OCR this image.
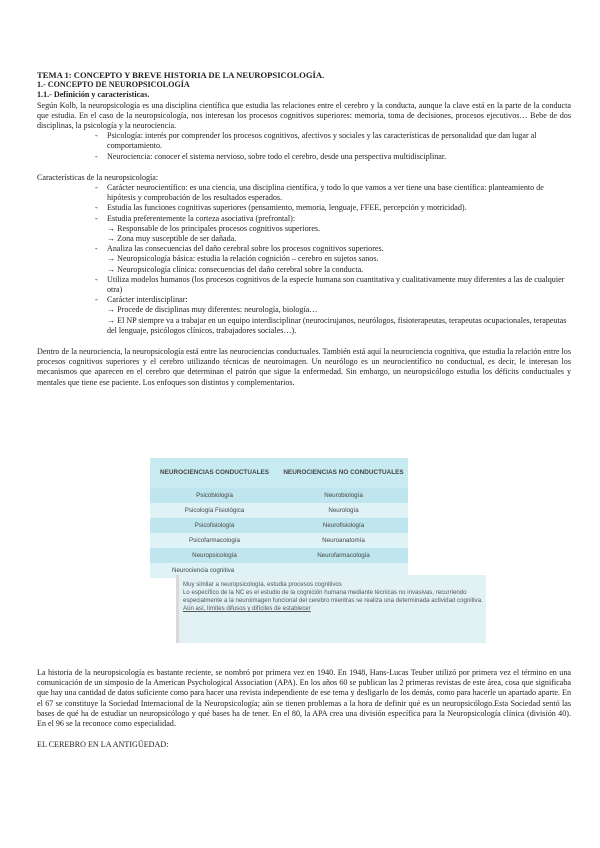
TEMA 1: CONCEPTO Y BREVE HISTORIA DE LA NEUROPSICOLOGÍA.
1.- CONCEPTO DE NEUROPSICOLOGÍA
1.1.- Definición y características.

Según Kolb, la neuropsicología es una disciplina científica que estudia las relaciones entre el cerebro y la conducta, aunque la clave está en la parte de la conducta que estudia. En el caso de la neuropsicología, nos interesan los procesos cognitivos superiores: memoria, toma de decisiones, procesos ejecutivos… Bebe de dos disciplinas, la psicología y la neurociencia.

- Psicología: interés por comprender los procesos cognitivos, afectivos y sociales y las características de personalidad que dan lugar al comportamiento.
- Neurociencia: conocer el sistema nervioso, sobre todo el cerebro, desde una perspectiva multidisciplinar.

Características de la neuropsicología:

- Carácter neurocientífico: es una ciencia, una disciplina científica, y todo lo que vamos a ver tiene una base científica: planteamiento de hipótesis y comprobación de los resultados esperados.
- Estudia las funciones cognitivas superiores (pensamiento, memoria, lenguaje, FFEE, percepción y motricidad).
- Estudia preferentemente la corteza asociativa (prefrontal):
→ Responsable de los principales procesos cognitivos superiores.
→ Zona muy susceptible de ser dañada.
- Analiza las consecuencias del daño cerebral sobre los procesos cognitivos superiores.
→ Neuropsicología básica: estudia la relación cognición – cerebro en sujetos sanos.
→ Neuropsicología clínica: consecuencias del daño cerebral sobre la conducta.
- Utiliza modelos humanos (los procesos cognitivos de la especie humana son cuantitativa y cualitativamente muy diferentes a las de cualquier otra)
- Carácter interdisciplinar:
→ Procede de disciplinas muy diferentes: neurología, biología…
→ El NP siempre va a trabajar en un equipo interdisciplinar (neurocirujanos, neurólogos, fisioterapeutas, terapeutas ocupacionales, terapeutas del lenguaje, psicólogos clínicos, trabajadores sociales…).

Dentro de la neurociencia, la neuropsicología está entre las neurociencias conductuales. También está aquí la neurociencia cognitiva, que estudia la relación entre los procesos cognitivos superiores y el cerebro utilizando técnicas de neuroimagen. Un neurólogo es un neurocientífico no conductual, es decir, le interesan los mecanismos que aparecen en el cerebro que determinan el patrón que sigue la enfermedad. Sin embargo, un neuropsicólogo estudia los déficits conductuales y mentales que tiene ese paciente. Los enfoques son distintos y complementarios.

NEUROCIENCIAS CONDUCTUALES	NEUROCIENCIAS NO CONDUCTUALES
Psicobiología	Neurobiología
Psicología Fisiológica	Neurología
Psicofisiología	Neurofisiología
Psicofarmacología	Neuroanatomía
Neuropsicología	Neurofarmacología
Neurociencia cognitiva
Muy similar a neuropsicología, estudia procesos cognitivos
Lo específico de la NC es el estudio de la cognición humana mediante técnicas no invasivas, recurriendo especialmente a la neuroimagen funcional del cerebro mientras se realiza una determinada actividad cognitiva.
Aún así, límites difusos y difíciles de establecer

La historia de la neuropsicología es bastante reciente, se nombró por primera vez en 1940. En 1948, Hans-Lucas Teuber utilizó por primera vez el término en una comunicación de un simposio de la American Psychological Association (APA). En los años 60 se publican las 2 primeras revistas de este área, cosa que significaba que hay una cantidad de datos suficiente como para hacer una revista independiente de ese tema y desligarlo de los demás, como para hacerle un apartado aparte. En el 67 se constituye la Sociedad Internacional de la Neuropsicología; aún se tienen problemas a la hora de definir qué es un neuropsicólogo.Esta Sociedad sentó las bases de qué ha de estudiar un neuropsicólogo y qué bases ha de tener. En el 80, la APA crea una división específica para la Neuropsicología clínica (división 40). En el 96 se la reconoce como especialidad.

EL CEREBRO EN LA ANTIGÜEDAD:
